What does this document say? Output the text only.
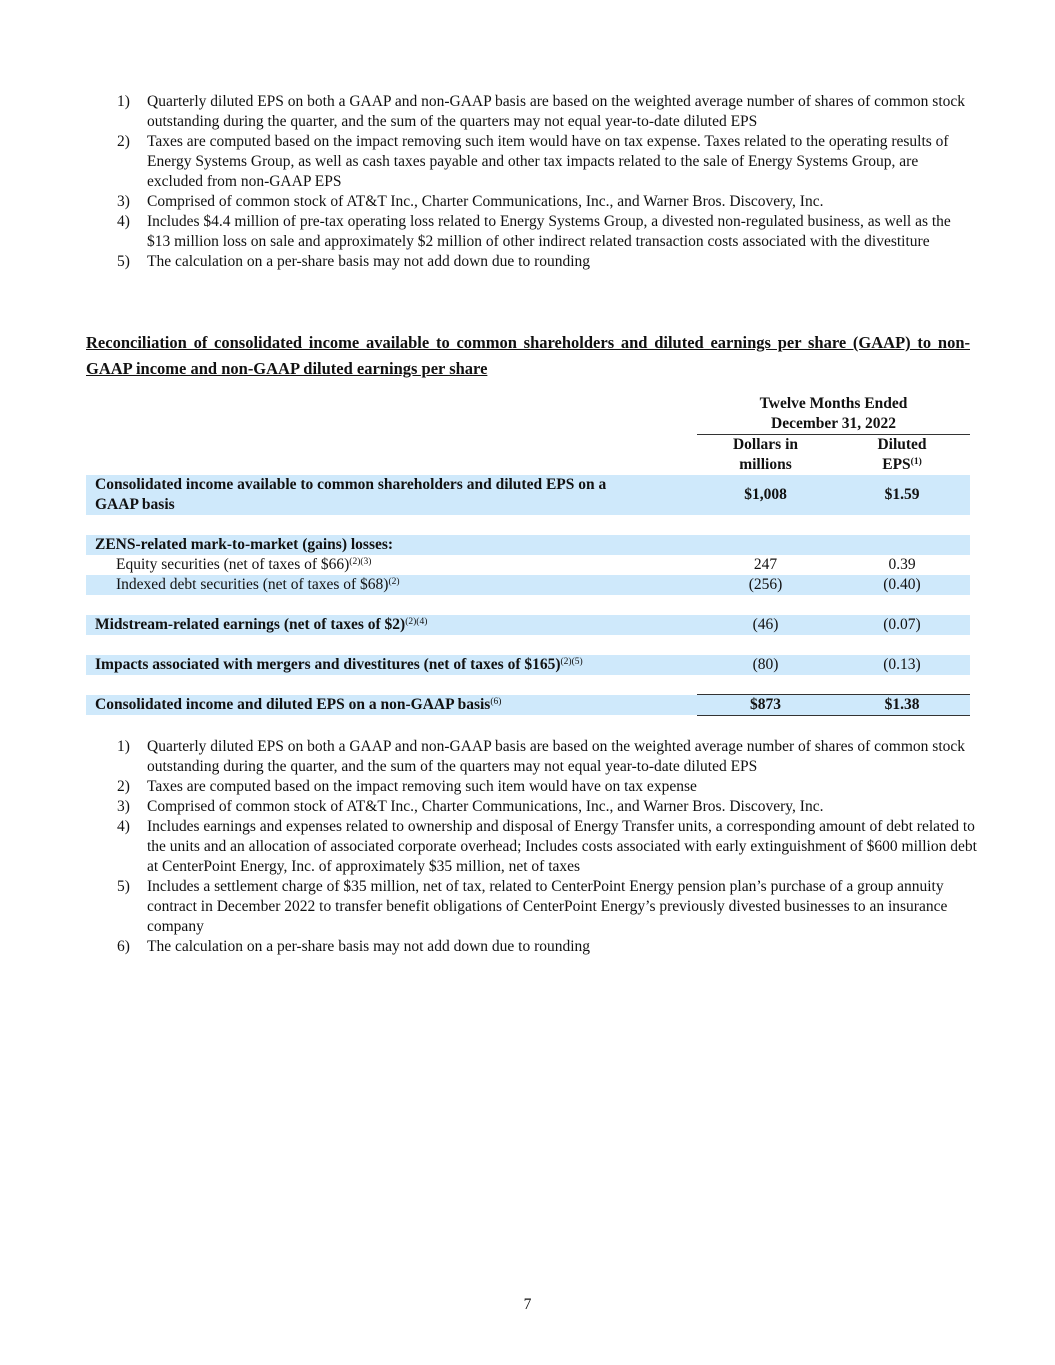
1)	Quarterly diluted EPS on both a GAAP and non-GAAP basis are based on the weighted average number of shares of common stock outstanding during the quarter, and the sum of the quarters may not equal year-to-date diluted EPS
2)	Taxes are computed based on the impact removing such item would have on tax expense. Taxes related to the operating results of Energy Systems Group, as well as cash taxes payable and other tax impacts related to the sale of Energy Systems Group, are excluded from non-GAAP EPS
3)	Comprised of common stock of AT&T Inc., Charter Communications, Inc., and Warner Bros. Discovery, Inc.
4)	Includes $4.4 million of pre-tax operating loss related to Energy Systems Group, a divested non-regulated business, as well as the $13 million loss on sale and approximately $2 million of other indirect related transaction costs associated with the divestiture
5)	The calculation on a per-share basis may not add down due to rounding
Reconciliation of consolidated income available to common shareholders and diluted earnings per share (GAAP) to non-GAAP income and non-GAAP diluted earnings per share
Twelve Months Ended
December 31, 2022
Dollars in
millions
Diluted
EPS$^{(1)}$
Consolidated income available to common shareholders and diluted EPS on a
GAAP basis
$1,008	$1.59
ZENS-related mark-to-market (gains) losses:
Equity securities (net of taxes of $66)$^{(2)(3)}$	247	0.39
Indexed debt securities (net of taxes of $68)$^{(2)}$	(256)	(0.40)
Midstream-related earnings (net of taxes of $2)$^{(2)(4)}$	(46)	(0.07)
Impacts associated with mergers and divestitures (net of taxes of $165)$^{(2)(5)}$	(80)	(0.13)
Consolidated income and diluted EPS on a non-GAAP basis$^{(6)}$	$873	$1.38
1)	Quarterly diluted EPS on both a GAAP and non-GAAP basis are based on the weighted average number of shares of common stock outstanding during the quarter, and the sum of the quarters may not equal year-to-date diluted EPS
2)	Taxes are computed based on the impact removing such item would have on tax expense
3)	Comprised of common stock of AT&T Inc., Charter Communications, Inc., and Warner Bros. Discovery, Inc.
4)	Includes earnings and expenses related to ownership and disposal of Energy Transfer units, a corresponding amount of debt related to the units and an allocation of associated corporate overhead; Includes costs associated with early extinguishment of $600 million debt at CenterPoint Energy, Inc. of approximately $35 million, net of taxes
5)	Includes a settlement charge of $35 million, net of tax, related to CenterPoint Energy pension plan’s purchase of a group annuity contract in December 2022 to transfer benefit obligations of CenterPoint Energy’s previously divested businesses to an insurance company
6)	The calculation on a per-share basis may not add down due to rounding
7
